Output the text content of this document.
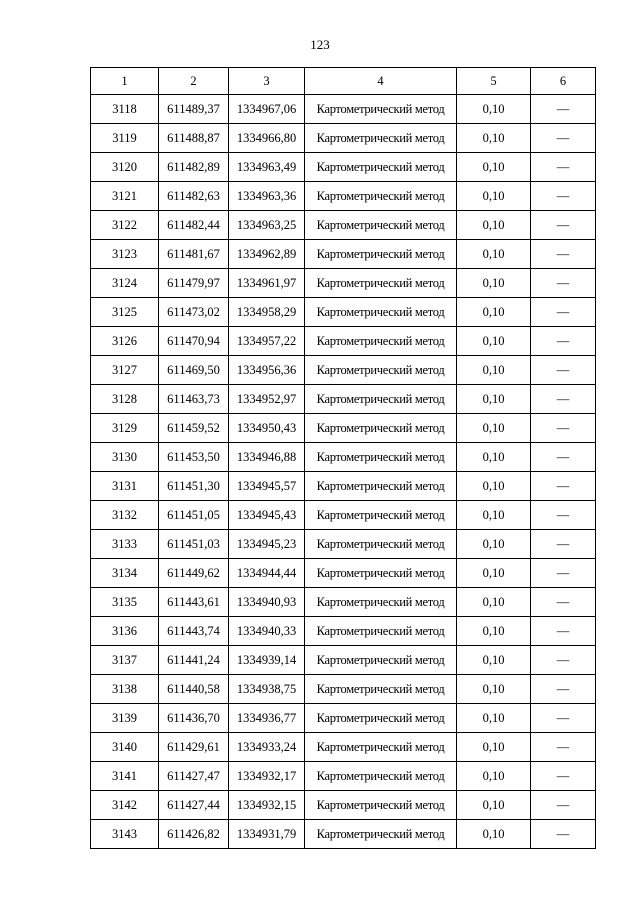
123
1	2	3	4	5	6
3118	611489,37	1334967,06	Картометрический метод	0,10	—
3119	611488,87	1334966,80	Картометрический метод	0,10	—
3120	611482,89	1334963,49	Картометрический метод	0,10	—
3121	611482,63	1334963,36	Картометрический метод	0,10	—
3122	611482,44	1334963,25	Картометрический метод	0,10	—
3123	611481,67	1334962,89	Картометрический метод	0,10	—
3124	611479,97	1334961,97	Картометрический метод	0,10	—
3125	611473,02	1334958,29	Картометрический метод	0,10	—
3126	611470,94	1334957,22	Картометрический метод	0,10	—
3127	611469,50	1334956,36	Картометрический метод	0,10	—
3128	611463,73	1334952,97	Картометрический метод	0,10	—
3129	611459,52	1334950,43	Картометрический метод	0,10	—
3130	611453,50	1334946,88	Картометрический метод	0,10	—
3131	611451,30	1334945,57	Картометрический метод	0,10	—
3132	611451,05	1334945,43	Картометрический метод	0,10	—
3133	611451,03	1334945,23	Картометрический метод	0,10	—
3134	611449,62	1334944,44	Картометрический метод	0,10	—
3135	611443,61	1334940,93	Картометрический метод	0,10	—
3136	611443,74	1334940,33	Картометрический метод	0,10	—
3137	611441,24	1334939,14	Картометрический метод	0,10	—
3138	611440,58	1334938,75	Картометрический метод	0,10	—
3139	611436,70	1334936,77	Картометрический метод	0,10	—
3140	611429,61	1334933,24	Картометрический метод	0,10	—
3141	611427,47	1334932,17	Картометрический метод	0,10	—
3142	611427,44	1334932,15	Картометрический метод	0,10	—
3143	611426,82	1334931,79	Картометрический метод	0,10	—
